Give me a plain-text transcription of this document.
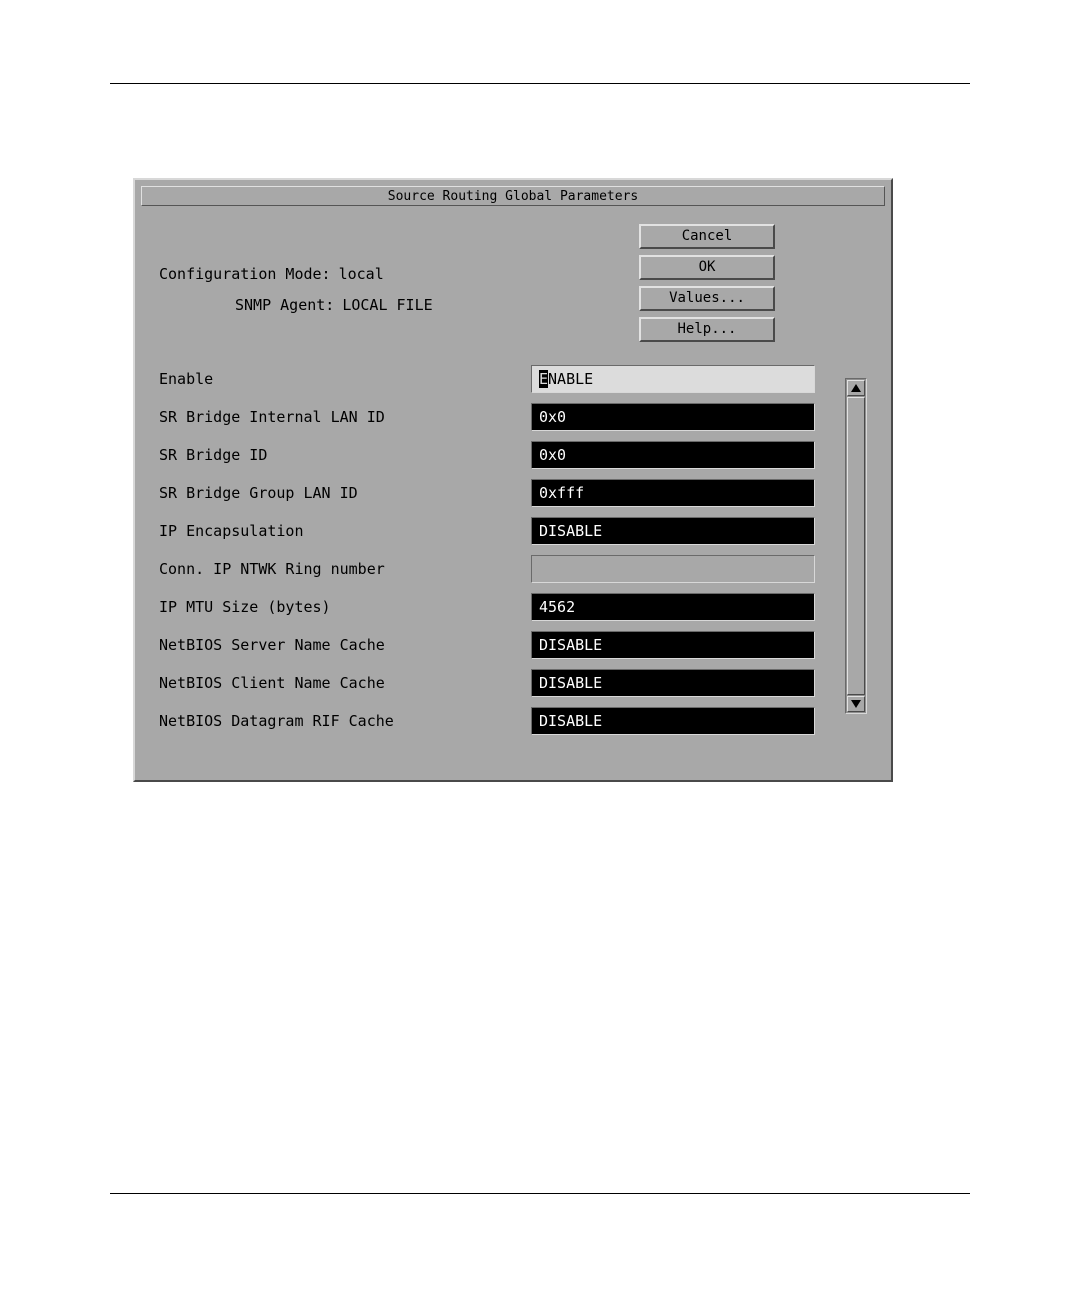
Source Routing Global Parameters
Configuration Mode: local
SNMP Agent: LOCAL FILE
Cancel
OK
Values...
Help...
Enable	E NABLE
SR Bridge Internal LAN ID	0x0
SR Bridge ID	0x0
SR Bridge Group LAN ID	0xfff
IP Encapsulation	DISABLE
Conn. IP NTWK Ring number
IP MTU Size (bytes)	4562
NetBIOS Server Name Cache	DISABLE
NetBIOS Client Name Cache	DISABLE
NetBIOS Datagram RIF Cache	DISABLE
